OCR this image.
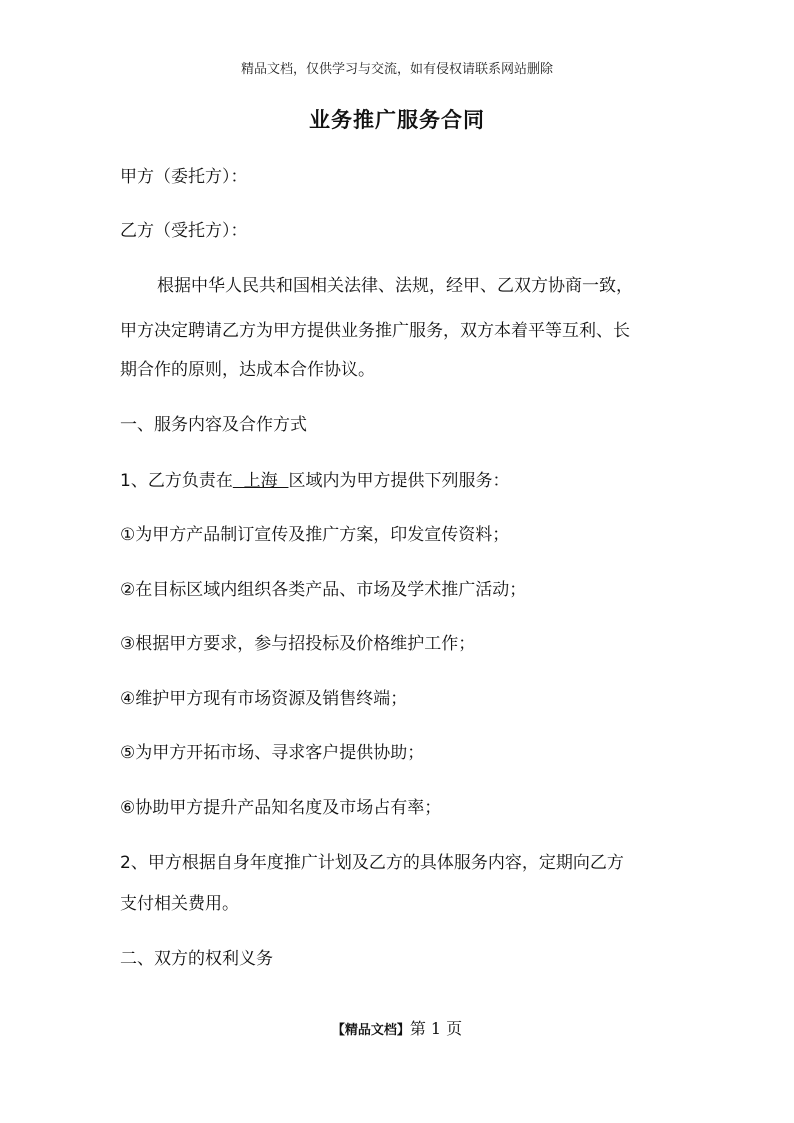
精品文档，仅供学习与交流，如有侵权请联系网站删除
业务推广服务合同
甲方（委托方）：
乙方（受托方）：
根据中华人民共和国相关法律、法规，经甲、乙双方协商一致，
甲方决定聘请乙方为甲方提供业务推广服务，双方本着平等互利、长
期合作的原则，达成本合作协议。
一、服务内容及合作方式
1、乙方负责在  上海  区域内为甲方提供下列服务：
①为甲方产品制订宣传及推广方案，印发宣传资料；
②在目标区域内组织各类产品、市场及学术推广活动；
③根据甲方要求，参与招投标及价格维护工作；
④维护甲方现有市场资源及销售终端；
⑤为甲方开拓市场、寻求客户提供协助；
⑥协助甲方提升产品知名度及市场占有率；
2、甲方根据自身年度推广计划及乙方的具体服务内容，定期向乙方
支付相关费用。
二、双方的权利义务
【精品文档】第 1 页
